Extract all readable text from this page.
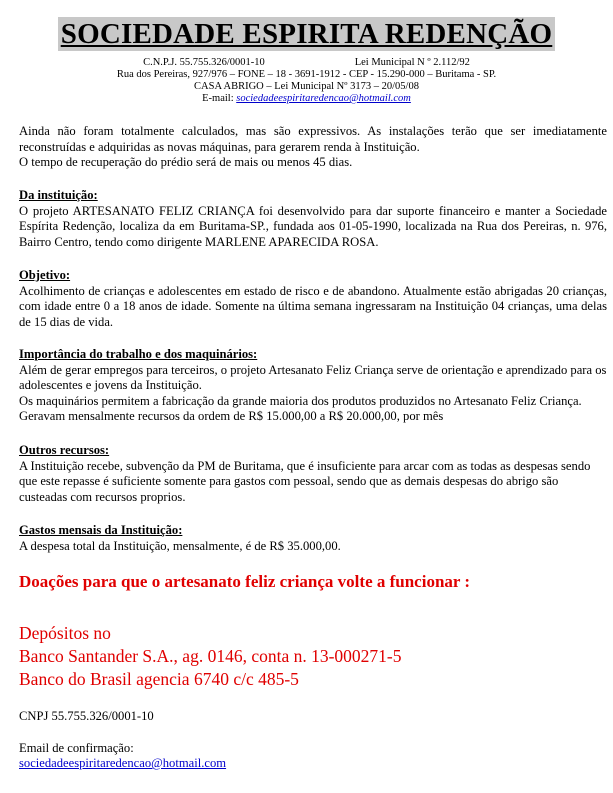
SOCIEDADE ESPIRITA REDENÇÃO
C.N.P.J. 55.755.326/0001-10	Lei Municipal N º 2.112/92
Rua dos Pereiras, 927/976 – FONE – 18 - 3691-1912 - CEP - 15.290-000 – Buritama - SP.
CASA ABRIGO – Lei Municipal Nº 3173 – 20/05/08
E-mail: sociedadeespiritaredencao@hotmail.com

Ainda não foram totalmente calculados, mas são expressivos. As instalações terão que ser imediatamente reconstruídas e adquiridas as novas máquinas, para gerarem renda à Instituição.

O tempo de recuperação do prédio será de mais ou menos 45 dias.

Da instituição:

O projeto ARTESANATO FELIZ CRIANÇA foi desenvolvido para dar suporte financeiro e manter a Sociedade Espírita Redenção, localiza da em Buritama-SP., fundada aos 01-05-1990, localizada na Rua dos Pereiras, n. 976, Bairro Centro, tendo como dirigente MARLENE APARECIDA ROSA.

Objetivo:

Acolhimento de crianças e adolescentes em estado de risco e de abandono. Atualmente estão abrigadas 20 crianças, com idade entre 0 a 18 anos de idade. Somente na última semana ingressaram na Instituição 04 crianças, uma delas de 15 dias de vida.

Importância do trabalho e dos maquinários:

Além de gerar empregos para terceiros, o projeto Artesanato Feliz Criança serve de orientação e aprendizado para os adolescentes e jovens da Instituição.

Os maquinários permitem a fabricação da grande maioria dos produtos produzidos no Artesanato Feliz Criança. Geravam mensalmente recursos da ordem de R$ 15.000,00 a R$ 20.000,00, por mês

Outros recursos:

A Instituição recebe, subvenção da PM de Buritama, que é insuficiente para arcar com as todas as despesas sendo que este repasse é suficiente somente para gastos com pessoal, sendo que as demais despesas do abrigo são custeadas com recursos proprios.

Gastos mensais da Instituição:

A despesa total da Instituição, mensalmente, é de R$ 35.000,00.

Doações para que o artesanato feliz criança volte a funcionar :
Depósitos no
Banco Santander S.A., ag. 0146, conta n. 13-000271-5
Banco do Brasil agencia 6740 c/c 485-5
CNPJ 55.755.326/0001-10
Email de confirmação:
sociedadeespiritaredencao@hotmail.com
